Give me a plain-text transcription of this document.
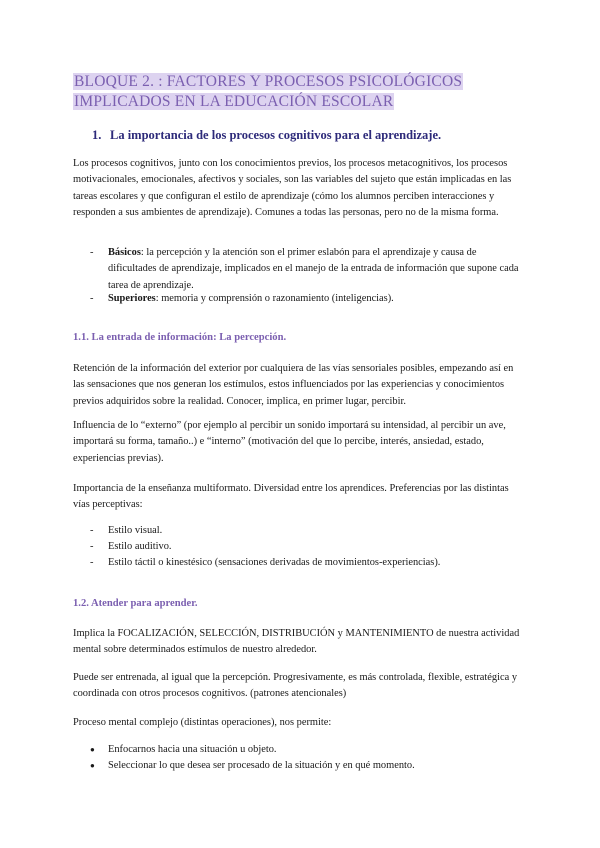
BLOQUE 2. : FACTORES Y PROCESOS PSICOLÓGICOS
IMPLICADOS EN LA EDUCACIÓN ESCOLAR
1. La importancia de los procesos cognitivos para el aprendizaje.
Los procesos cognitivos, junto con los conocimientos previos, los procesos metacognitivos, los procesos motivacionales, emocionales, afectivos y sociales, son las variables del sujeto que están implicadas en las tareas escolares y que configuran el estilo de aprendizaje (cómo los alumnos perciben interacciones y responden a sus ambientes de aprendizaje). Comunes a todas las personas, pero no de la misma forma.
-	Básicos: la percepción y la atención son el primer eslabón para el aprendizaje y causa de dificultades de aprendizaje, implicados en el manejo de la entrada de información que supone cada tarea de aprendizaje.
-	Superiores: memoria y comprensión o razonamiento (inteligencias).
1.1. La entrada de información: La percepción.
Retención de la información del exterior por cualquiera de las vías sensoriales posibles, empezando así en las sensaciones que nos generan los estímulos, estos influenciados por las experiencias y conocimientos previos adquiridos sobre la realidad. Conocer, implica, en primer lugar, percibir.
Influencia de lo “externo” (por ejemplo al percibir un sonido importará su intensidad, al percibir un ave, importará su forma, tamaño..) e “interno” (motivación del que lo percibe, interés, ansiedad, estado, experiencias previas).
Importancia de la enseñanza multiformato. Diversidad entre los aprendices. Preferencias por las distintas vías perceptivas:
-	Estilo visual.
-	Estilo auditivo.
-	Estilo táctil o kinestésico (sensaciones derivadas de movimientos-experiencias).
1.2. Atender para aprender.
Implica la FOCALIZACIÓN, SELECCIÓN, DISTRIBUCIÓN y MANTENIMIENTO de nuestra actividad mental sobre determinados estímulos de nuestro alrededor.
Puede ser entrenada, al igual que la percepción. Progresivamente, es más controlada, flexible, estratégica y coordinada con otros procesos cognitivos. (patrones atencionales)
Proceso mental complejo (distintas operaciones), nos permite:
●	Enfocarnos hacia una situación u objeto.
●	Seleccionar lo que desea ser procesado de la situación y en qué momento.
